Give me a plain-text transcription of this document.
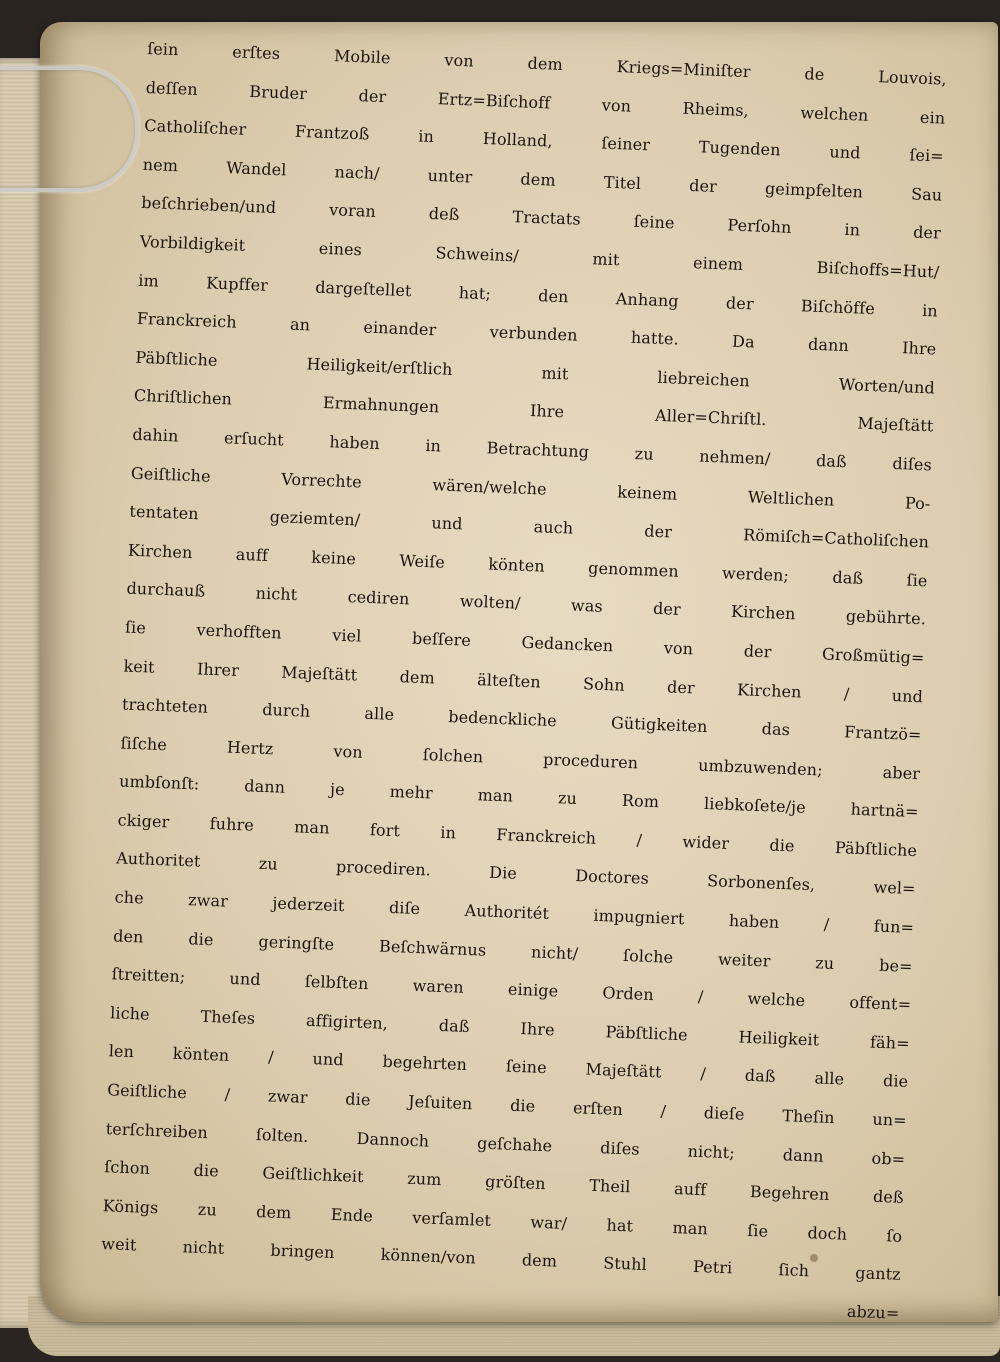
ſein erſtes Mobile von dem Kriegs=Miniſter de Louvois,
deſſen Bruder der Ertz=Biſchoff von Rheims, welchen ein
Catholiſcher Frantzoß in Holland, ſeiner Tugenden und ſei=
nem Wandel nach/ unter dem Titel der geimpfelten Sau
beſchrieben/und voran deß Tractats ſeine Perſohn in der
Vorbildigkeit eines Schweins/ mit einem Biſchoffs=Hut/
im Kupffer dargeſtellet hat; den Anhang der Biſchöffe in
Franckreich an einander verbunden hatte. Da dann Ihre
Päbſtliche Heiligkeit/erſtlich mit liebreichen Worten/und
Chriſtlichen Ermahnungen Ihre Aller=Chriſtl. Majeſtätt
dahin erſucht haben in Betrachtung zu nehmen/ daß diſes
Geiſtliche Vorrechte wären/welche keinem Weltlichen Po-
tentaten geziemten/ und auch der Römiſch=Catholiſchen
Kirchen auff keine Weiſe könten genommen werden; daß ſie
durchauß nicht cediren wolten/ was der Kirchen gebührte.
ſie verhofften viel beſſere Gedancken von der Großmütig=
keit Ihrer Majeſtätt dem älteſten Sohn der Kirchen / und
trachteten durch alle bedenckliche Gütigkeiten das Frantzö=
ſiſche Hertz von ſolchen proceduren umbzuwenden; aber
umbſonſt: dann je mehr man zu Rom liebkoſete/je hartnä=
ckiger fuhre man fort in Franckreich / wider die Päbſtliche
Authoritet zu procediren. Die Doctores Sorbonenſes, wel=
che zwar jederzeit diſe Authoritét impugniert haben / fun=
den die geringſte Beſchwärnus nicht/ ſolche weiter zu be=
ſtreitten; und ſelbſten waren einige Orden / welche offent=
liche Theſes affigirten, daß Ihre Päbſtliche Heiligkeit fäh=
len könten / und begehrten ſeine Majeſtätt / daß alle die
Geiſtliche / zwar die Jeſuiten die erſten / dieſe Theſin un=
terſchreiben ſolten. Dannoch geſchahe diſes nicht; dann ob=
ſchon die Geiſtlichkeit zum gröſten Theil auff Begehren deß
Königs zu dem Ende verſamlet war/ hat man ſie doch ſo
weit nicht bringen können/von dem Stuhl Petri ſich gantz
abzu=
